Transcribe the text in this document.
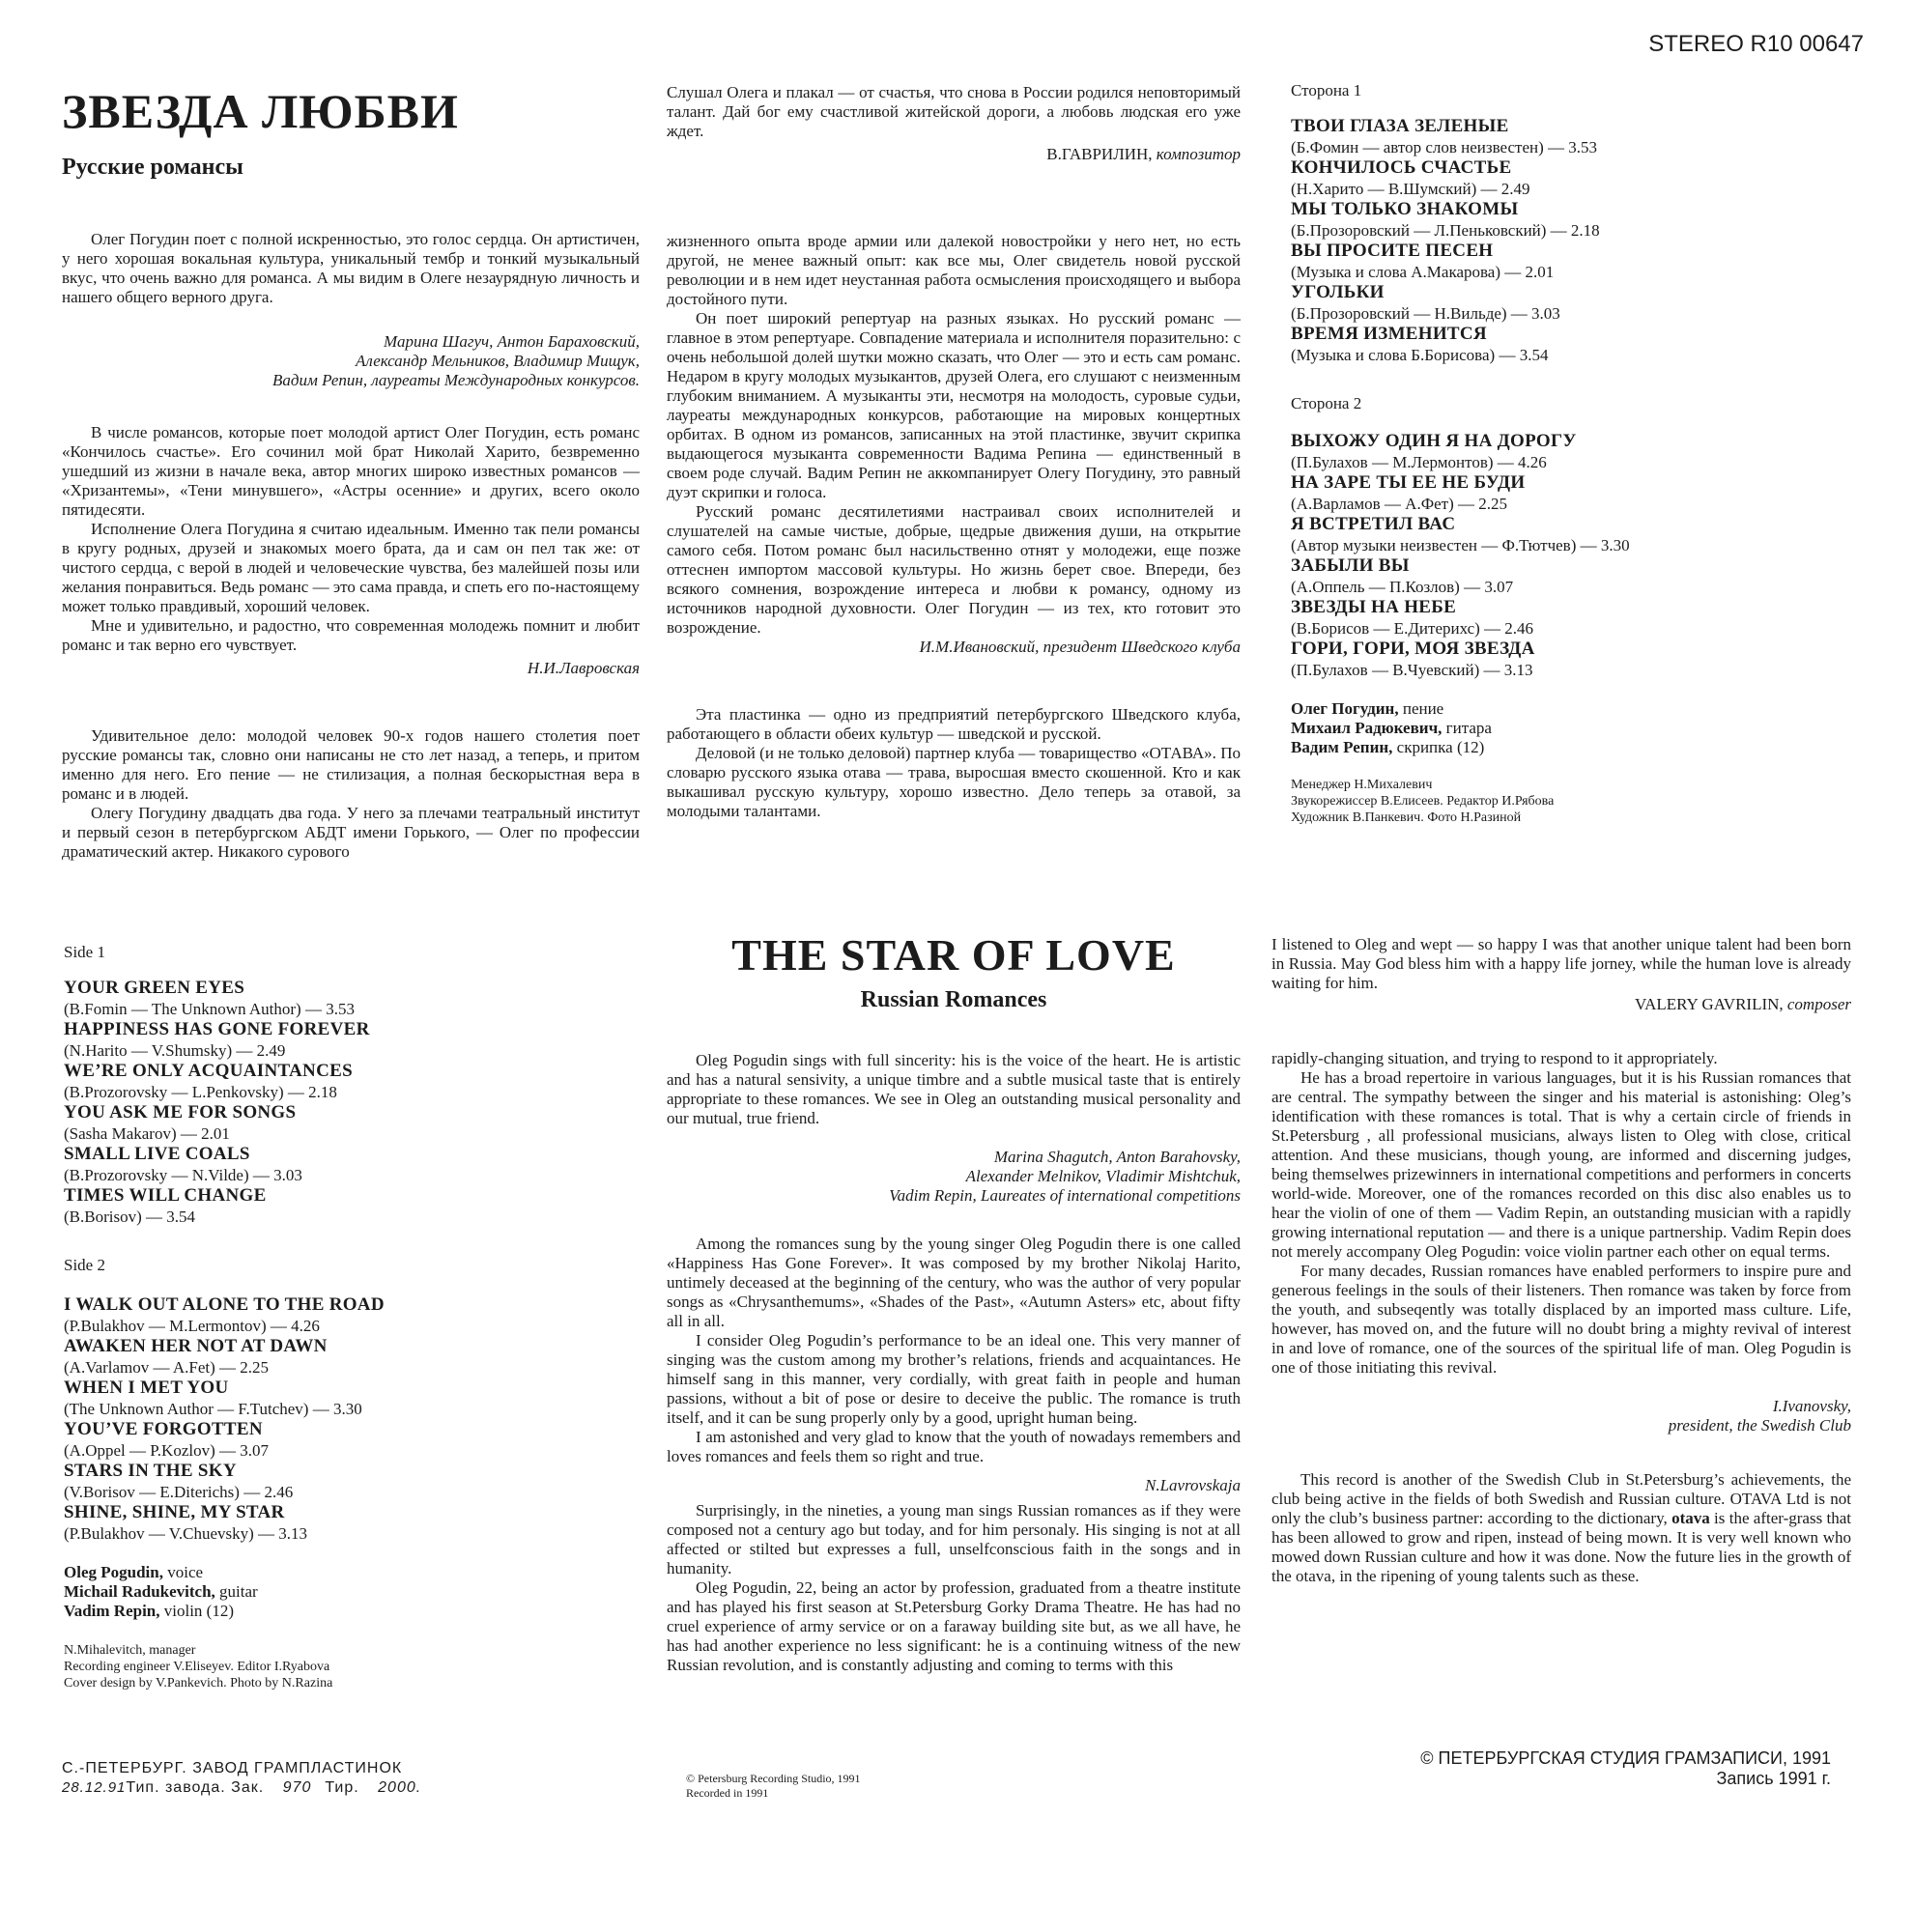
STEREO R10 00647
ЗВЕЗДА ЛЮБВИ
Русские романсы

Олег Погудин поет с полной искренностью, это голос сердца. Он артистичен, у него хорошая вокальная культура, уникальный тембр и тонкий музыкальный вкус, что очень важно для романса. А мы видим в Олеге незаурядную личность и нашего общего верного друга.

Марина Шагуч, Антон Бараховский,

Александр Мельников, Владимир Мищук,

Вадим Репин, лауреаты Международных конкурсов.

В числе романсов, которые поет молодой артист Олег Погудин, есть романс «Кончилось счастье». Его сочинил мой брат Николай Харито, безвременно ушедший из жизни в начале века, автор многих широко известных романсов — «Хризантемы», «Тени минувшего», «Астры осенние» и других, всего около пятидесяти.

Исполнение Олега Погудина я считаю идеальным. Именно так пели романсы в кругу родных, друзей и знакомых моего брата, да и сам он пел так же: от чистого сердца, с верой в людей и человеческие чувства, без малейшей позы или желания понравиться. Ведь романс — это сама правда, и спеть его по-настоящему может только правдивый, хороший человек.

Мне и удивительно, и радостно, что современная молодежь помнит и любит романс и так верно его чувствует.

Н.И.Лавровская

Удивительное дело: молодой человек 90-х годов нашего столетия поет русские романсы так, словно они написаны не сто лет назад, а теперь, и притом именно для него. Его пение — не стилизация, а полная бескорыстная вера в романс и в людей.

Олегу Погудину двадцать два года. У него за плечами театральный институт и первый сезон в петербургском АБДТ имени Горького, — Олег по профессии драматический актер. Никакого сурового

Слушал Олега и плакал — от счастья, что снова в России родился неповторимый талант. Дай бог ему счастливой житейской дороги, а любовь людская его уже ждет.

В.ГАВРИЛИН, композитор

жизненного опыта вроде армии или далекой новостройки у него нет, но есть другой, не менее важный опыт: как все мы, Олег свидетель новой русской революции и в нем идет неустанная работа осмысления происходящего и выбора достойного пути.

Он поет широкий репертуар на разных языках. Но русский романс — главное в этом репертуаре. Совпадение материала и исполнителя поразительно: с очень небольшой долей шутки можно сказать, что Олег — это и есть сам романс. Недаром в кругу молодых музыкантов, друзей Олега, его слушают с неизменным глубоким вниманием. А музыканты эти, несмотря на молодость, суровые судьи, лауреаты международных конкурсов, работающие на мировых концертных орбитах. В одном из романсов, записанных на этой пластинке, звучит скрипка выдающегося музыканта современности Вадима Репина — единственный в своем роде случай. Вадим Репин не аккомпанирует Олегу Погудину, это равный дуэт скрипки и голоса.

Русский романс десятилетиями настраивал своих исполнителей и слушателей на самые чистые, добрые, щедрые движения души, на открытие самого себя. Потом романс был насильственно отнят у молодежи, еще позже оттеснен импортом массовой культуры. Но жизнь берет свое. Впереди, без всякого сомнения, возрождение интереса и любви к романсу, одному из источников народной духовности. Олег Погудин — из тех, кто готовит это возрождение.

И.М.Ивановский, президент Шведского клуба

Эта пластинка — одно из предприятий петербургского Шведского клуба, работающего в области обеих культур — шведской и русской.

Деловой (и не только деловой) партнер клуба — товарищество «ОТАВА». По словарю русского языка отава — трава, выросшая вместо скошенной. Кто и как выкашивал русскую культуру, хорошо известно. Дело теперь за отавой, за молодыми талантами.

Сторона 1

ТВОИ ГЛАЗА ЗЕЛЕНЫЕ
(Б.Фомин — автор слов неизвестен) — 3.53
КОНЧИЛОСЬ СЧАСТЬЕ
(Н.Харито — В.Шумский) — 2.49
МЫ ТОЛЬКО ЗНАКОМЫ
(Б.Прозоровский — Л.Пеньковский) — 2.18
ВЫ ПРОСИТЕ ПЕСЕН
(Музыка и слова А.Макарова) — 2.01
УГОЛЬКИ
(Б.Прозоровский — Н.Вильде) — 3.03
ВРЕМЯ ИЗМЕНИТСЯ
(Музыка и слова Б.Борисова) — 3.54

Сторона 2

ВЫХОЖУ ОДИН Я НА ДОРОГУ
(П.Булахов — М.Лермонтов) — 4.26
НА ЗАРЕ ТЫ ЕЕ НЕ БУДИ
(А.Варламов — А.Фет) — 2.25
Я ВСТРЕТИЛ ВАС
(Автор музыки неизвестен — Ф.Тютчев) — 3.30
ЗАБЫЛИ ВЫ
(А.Оппель — П.Козлов) — 3.07
ЗВЕЗДЫ НА НЕБЕ
(В.Борисов — Е.Дитерихс) — 2.46
ГОРИ, ГОРИ, МОЯ ЗВЕЗДА
(П.Булахов — В.Чуевский) — 3.13

Олег Погудин, пение

Михаил Радюкевич, гитара

Вадим Репин, скрипка (12)

Менеджер Н.Михалевич

Звукорежиссер В.Елисеев. Редактор И.Рябова

Художник В.Панкевич. Фото Н.Разиной

Side 1

YOUR GREEN EYES
(B.Fomin — The Unknown Author) — 3.53
HAPPINESS HAS GONE FOREVER
(N.Harito — V.Shumsky) — 2.49
WE’RE ONLY ACQUAINTANCES
(B.Prozorovsky — L.Penkovsky) — 2.18
YOU ASK ME FOR SONGS
(Sasha Makarov) — 2.01
SMALL LIVE COALS
(B.Prozorovsky — N.Vilde) — 3.03
TIMES WILL CHANGE
(B.Borisov) — 3.54

Side 2

I WALK OUT ALONE TO THE ROAD
(P.Bulakhov — M.Lermontov) — 4.26
AWAKEN HER NOT AT DAWN
(A.Varlamov — A.Fet) — 2.25
WHEN I MET YOU
(The Unknown Author — F.Tutchev) — 3.30
YOU’VE FORGOTTEN
(A.Oppel — P.Kozlov) — 3.07
STARS IN THE SKY
(V.Borisov — E.Diterichs) — 2.46
SHINE, SHINE, MY STAR
(P.Bulakhov — V.Chuevsky) — 3.13

Oleg Pogudin, voice

Michail Radukevitch, guitar

Vadim Repin, violin (12)

N.Mihalevitch, manager

Recording engineer V.Eliseyev. Editor I.Ryabova

Cover design by V.Pankevich. Photo by N.Razina

THE STAR OF LOVE
Russian Romances

Oleg Pogudin sings with full sincerity: his is the voice of the heart. He is artistic and has a natural sensivity, a unique timbre and a subtle musical taste that is entirely appropriate to these romances. We see in Oleg an outstanding musical personality and our mutual, true friend.

Marina Shagutch, Anton Barahovsky,

Alexander Melnikov, Vladimir Mishtchuk,

Vadim Repin, Laureates of international competitions

Among the romances sung by the young singer Oleg Pogudin there is one called «Happiness Has Gone Forever». It was composed by my brother Nikolaj Harito, untimely deceased at the beginning of the century, who was the author of very popular songs as «Chrysanthemums», «Shades of the Past», «Autumn Asters» etc, about fifty all in all.

I consider Oleg Pogudin’s performance to be an ideal one. This very manner of singing was the custom among my brother’s relations, friends and acquaintances. He himself sang in this manner, very cordially, with great faith in people and human passions, without a bit of pose or desire to deceive the public. The romance is truth itself, and it can be sung properly only by a good, upright human being.

I am astonished and very glad to know that the youth of nowadays remembers and loves romances and feels them so right and true.

N.Lavrovskaja

Surprisingly, in the nineties, a young man sings Russian romances as if they were composed not a century ago but today, and for him personaly. His singing is not at all affected or stilted but expresses a full, unselfconscious faith in the songs and in humanity.

Oleg Pogudin, 22, being an actor by profession, graduated from a theatre institute and has played his first season at St.Petersburg Gorky Drama Theatre. He has had no cruel experience of army service or on a faraway building site but, as we all have, he has had another experience no less significant: he is a continuing witness of the new Russian revolution, and is constantly adjusting and coming to terms with this

I listened to Oleg and wept — so happy I was that another unique talent had been born in Russia. May God bless him with a happy life jorney, while the human love is already waiting for him.

VALERY GAVRILIN, composer

rapidly-changing situation, and trying to respond to it appropriately.

He has a broad repertoire in various languages, but it is his Russian romances that are central. The sympathy between the singer and his material is astonishing: Oleg’s identification with these romances is total. That is why a certain circle of friends in St.Petersburg , all professional musicians, always listen to Oleg with close, critical attention. And these musicians, though young, are informed and discerning judges, being themselwes prizewinners in international competitions and performers in concerts world-wide. Moreover, one of the romances recorded on this disc also enables us to hear the violin of one of them — Vadim Repin, an outstanding musician with a rapidly growing international reputation — and there is a unique partnership. Vadim Repin does not merely accompany Oleg Pogudin: voice violin partner each other on equal terms.

For many decades, Russian romances have enabled performers to inspire pure and generous feelings in the souls of their listeners. Then romance was taken by force from the youth, and subseqently was totally displaced by an imported mass culture. Life, however, has moved on, and the future will no doubt bring a mighty revival of interest in and love of romance, one of the sources of the spiritual life of man. Oleg Pogudin is one of those initiating this revival.

I.Ivanovsky,

president, the Swedish Club

This record is another of the Swedish Club in St.Petersburg’s achievements, the club being active in the fields of both Swedish and Russian culture. OTAVA Ltd is not only the club’s business partner: according to the dictionary, otava is the after-grass that has been allowed to grow and ripen, instead of being mown. It is very well known who mowed down Russian culture and how it was done. Now the future lies in the growth of the otava, in the ripening of young talents such as these.

С.-ПЕТЕРБУРГ. ЗАВОД ГРАМПЛАСТИНОК
28.12.91Тип. завода. Зак. 970 Тир. 2000.
© Petersburg Recording Studio, 1991
Recorded in 1991
© ПЕТЕРБУРГСКАЯ СТУДИЯ ГРАМЗАПИСИ, 1991
Запись 1991 г.
